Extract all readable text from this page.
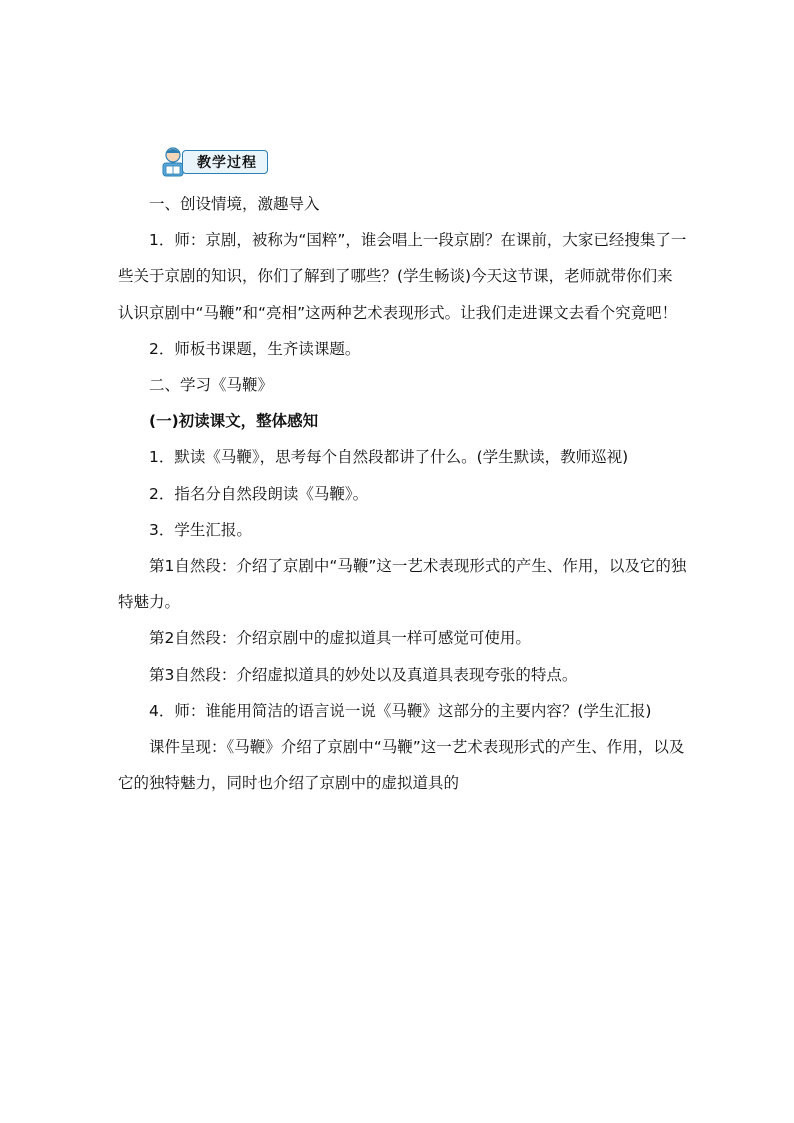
教学过程

一、创设情境，激趣导入

1．师：京剧，被称为“国粹”，谁会唱上一段京剧？在课前，大家已经搜集了一些关于京剧的知识，你们了解到了哪些？(学生畅谈)今天这节课，老师就带你们来认识京剧中“马鞭”和“亮相”这两种艺术表现形式。让我们走进课文去看个究竟吧！

2．师板书课题，生齐读课题。

二、学习《马鞭》

(一)初读课文，整体感知

1．默读《马鞭》，思考每个自然段都讲了什么。(学生默读，教师巡视)

2．指名分自然段朗读《马鞭》。

3．学生汇报。

第1自然段：介绍了京剧中“马鞭”这一艺术表现形式的产生、作用，以及它的独特魅力。

第2自然段：介绍京剧中的虚拟道具一样可感觉可使用。

第3自然段：介绍虚拟道具的妙处以及真道具表现夸张的特点。

4．师：谁能用简洁的语言说一说《马鞭》这部分的主要内容？(学生汇报)

课件呈现：《马鞭》介绍了京剧中“马鞭”这一艺术表现形式的产生、作用，以及它的独特魅力，同时也介绍了京剧中的虚拟道具的
